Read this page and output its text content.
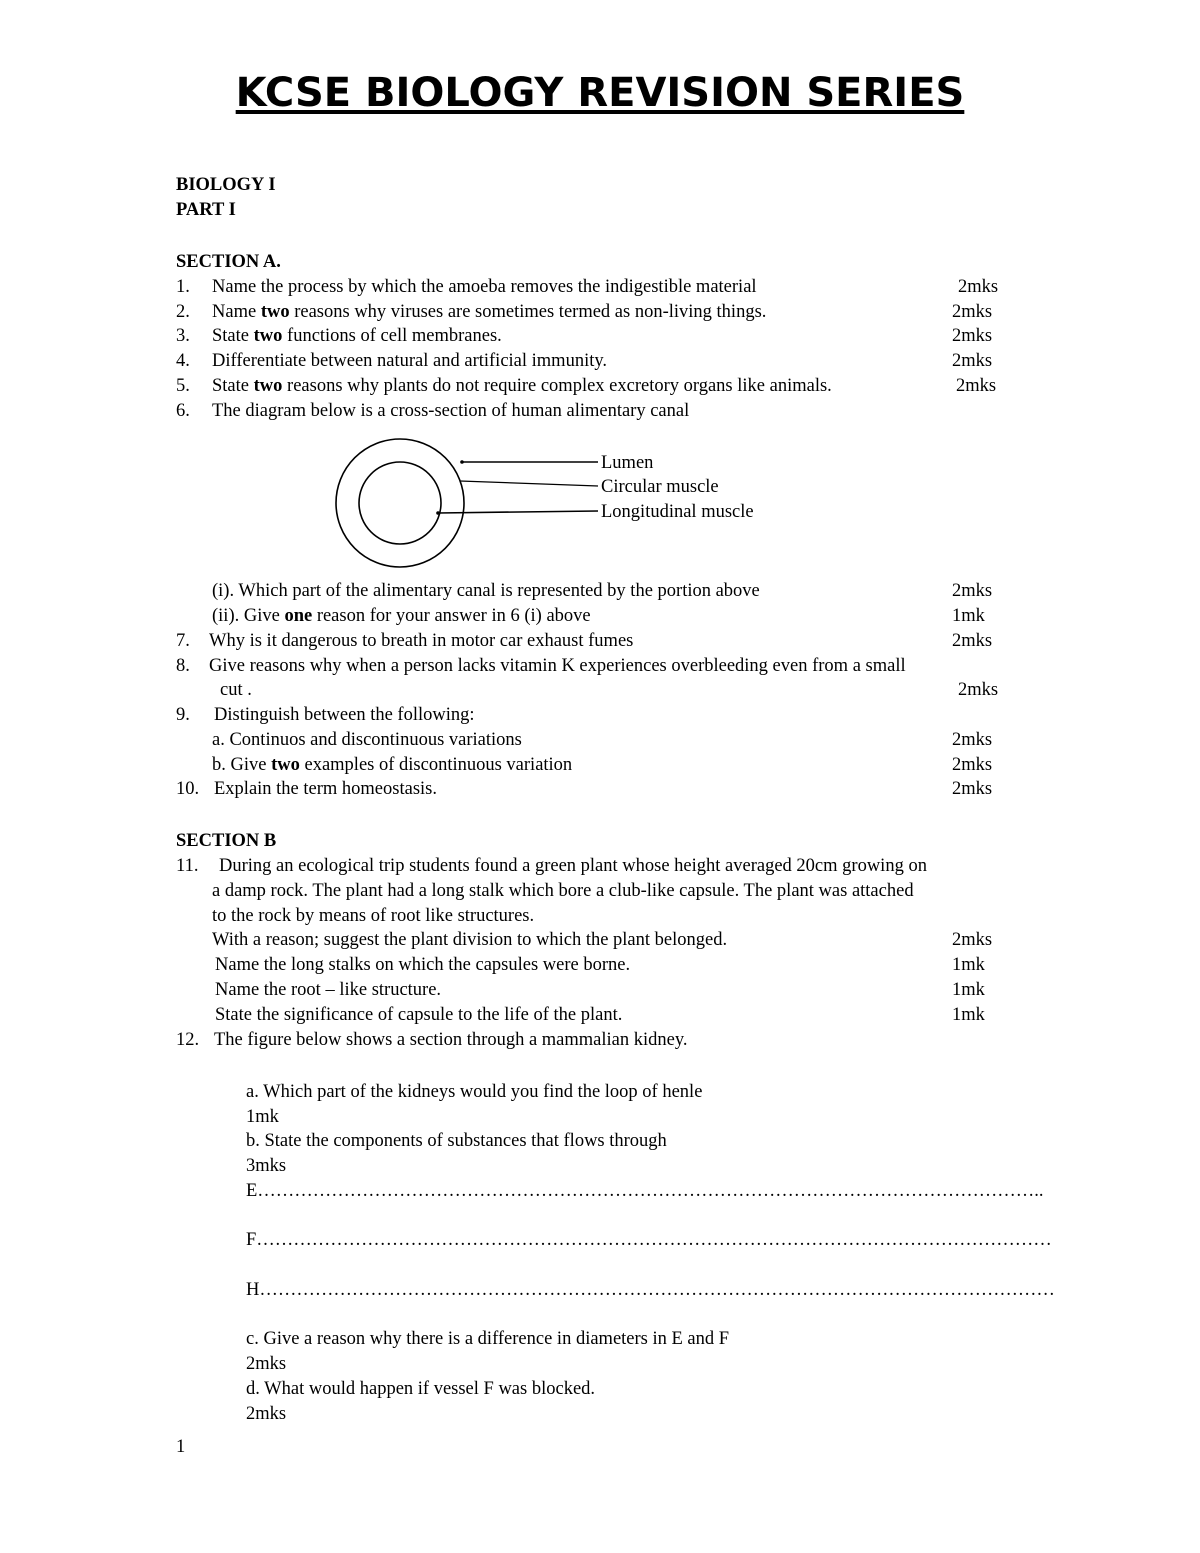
KCSE BIOLOGY REVISION SERIES
BIOLOGY I
PART I
SECTION A.
1. Name the process by which the amoeba removes the indigestible material	2mks
2. Name two reasons why viruses are sometimes termed as non-living things.	2mks
3. State two functions of cell membranes.	2mks
4. Differentiate between natural and artificial immunity.	2mks
5. State two reasons why plants do not require complex excretory organs like animals.	2mks
6. The diagram below is a cross-section of human alimentary canal
Lumen
Circular muscle
Longitudinal muscle
(i). Which part of the alimentary canal is represented by the portion above	2mks
(ii). Give one reason for your answer in 6 (i) above	1mk
7. Why is it dangerous to breath in motor car exhaust fumes	2mks
8. Give reasons why when a person lacks vitamin K experiences overbleeding even from a small
cut .	2mks
9. Distinguish between the following:
a. Continuos and discontinuous variations	2mks
b. Give two examples of discontinuous variation	2mks
10. Explain the term homeostasis.	2mks
SECTION B
11. During an ecological trip students found a green plant whose height averaged 20cm growing on
a damp rock. The plant had a long stalk which bore a club-like capsule. The plant was attached
to the rock by means of root like structures.
With a reason; suggest the plant division to which the plant belonged.	2mks
Name the long stalks on which the capsules were borne.	1mk
Name the root – like structure.	1mk
State the significance of capsule to the life of the plant.	1mk
12. The figure below shows a section through a mammalian kidney.
a. Which part of the kidneys would you find the loop of henle
1mk
b. State the components of substances that flows through
3mks
E………………………………………………………………………………………………………………..
F…………………………………………………………………………………………………………………
H…………………………………………………………………………………………………………………
c. Give a reason why there is a difference in diameters in E and F
2mks
d. What would happen if vessel F was blocked.
2mks
1
